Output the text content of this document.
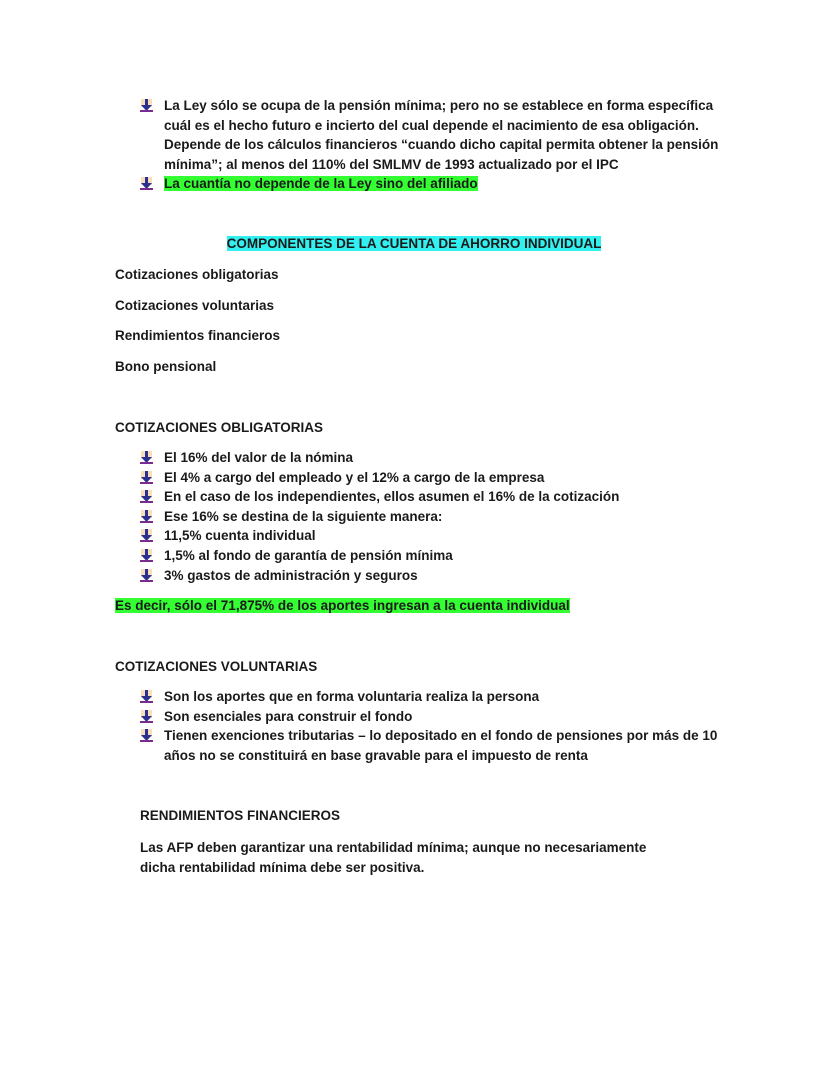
La Ley sólo se ocupa de la pensión mínima; pero no se establece en forma específica cuál es el hecho futuro e incierto del cual depende el nacimiento de esa obligación. Depende de los cálculos financieros “cuando dicho capital permita obtener la pensión mínima”; al menos del 110% del SMLMV de 1993 actualizado por el IPC
La cuantía no depende de la Ley sino del afiliado
COMPONENTES DE LA CUENTA DE AHORRO INDIVIDUAL

Cotizaciones obligatorias

Cotizaciones voluntarias

Rendimientos financieros

Bono pensional

COTIZACIONES OBLIGATORIAS

El 16% del valor de la nómina
El 4% a cargo del empleado y el 12% a cargo de la empresa
En el caso de los independientes, ellos asumen el 16% de la cotización
Ese 16% se destina de la siguiente manera:
11,5% cuenta individual
1,5% al fondo de garantía de pensión mínima
3% gastos de administración y seguros

Es decir, sólo el 71,875% de los aportes ingresan a la cuenta individual

COTIZACIONES VOLUNTARIAS

Son los aportes que en forma voluntaria realiza la persona
Son esenciales para construir el fondo
Tienen exenciones tributarias – lo depositado en el fondo de pensiones por más de 10 años no se constituirá en base gravable para el impuesto de renta

RENDIMIENTOS FINANCIEROS

Las AFP deben garantizar una rentabilidad mínima; aunque no necesariamente dicha rentabilidad mínima debe ser positiva.
